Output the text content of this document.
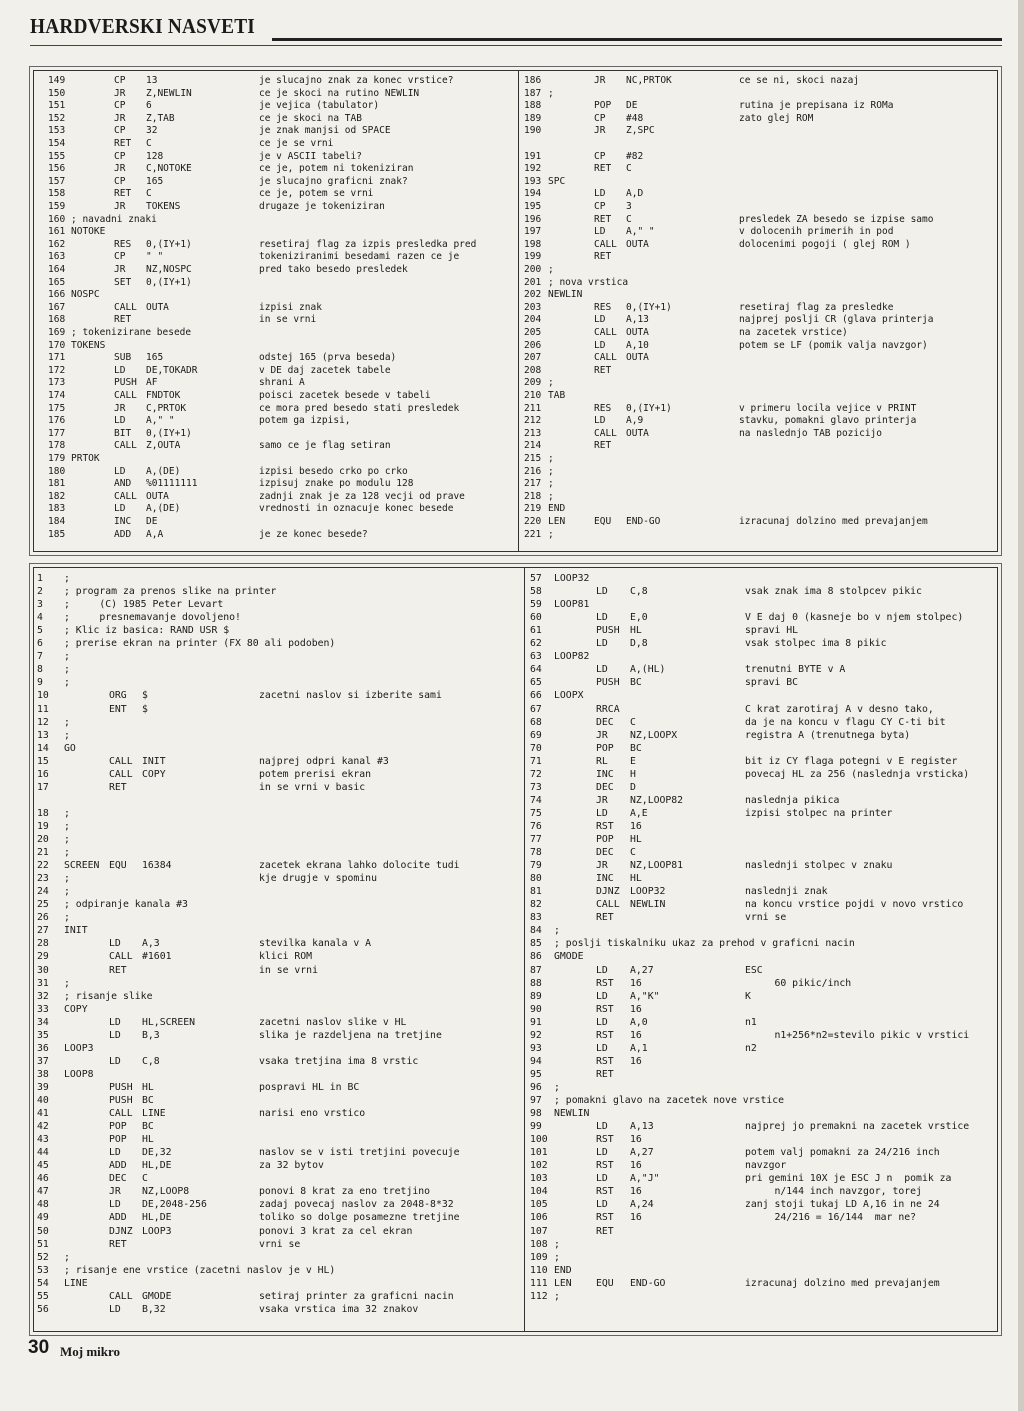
HARDVERSKI NASVETI
149	CP 13	je slucajno znak za konec vrstice?
150	JR Z,NEWLIN	ce je skoci na rutino NEWLIN
151	CP 6	je vejica (tabulator)
152	JR Z,TAB	ce je skoci na TAB
153	CP 32	je znak manjsi od SPACE
154	RET C	ce je se vrni
155	CP 128	je v ASCII tabeli?
156	JR C,NOTOKE	ce je, potem ni tokeniziran
157	CP 165	je slucajno graficni znak?
158	RET C	ce je, potem se vrni
159	JR TOKENS	drugaze je tokeniziran
160 ; navadni znaki
161 NOTOKE
162	RES 0,(IY+1)	resetiraj flag za izpis presledka pred
163	CP " "	tokeniziranimi besedami razen ce je
164	JR NZ,NOSPC	pred tako besedo presledek
165	SET 0,(IY+1)
166 NOSPC
167	CALL OUTA	izpisi znak
168	RET	in se vrni
169 ; tokenizirane besede
170 TOKENS
171	SUB 165	odstej 165 (prva beseda)
172	LD DE,TOKADR	v DE daj zacetek tabele
173	PUSH AF	shrani A
174	CALL FNDTOK	poisci zacetek besede v tabeli
175	JR C,PRTOK	ce mora pred besedo stati presledek
176	LD A," "	potem ga izpisi,
177	BIT 0,(IY+1)
178	CALL Z,OUTA	samo ce je flag setiran
179 PRTOK
180	LD A,(DE)	izpisi besedo crko po crko
181	AND %01111111	izpisuj znake po modulu 128
182	CALL OUTA	zadnji znak je za 128 vecji od prave
183	LD A,(DE)	vrednosti in oznacuje konec besede
184	INC DE
185	ADD A,A	je ze konec besede?
186	JR NC,PRTOK	ce se ni, skoci nazaj
187 ;
188	POP DE	rutina je prepisana iz ROMa
189	CP #48	zato glej ROM
190	JR Z,SPC
191	CP #82
192	RET C
193 SPC
194	LD A,D
195	CP 3
196	RET C	presledek ZA besedo se izpise samo
197	LD A," "	v dolocenih primerih in pod
198	CALL OUTA	dolocenimi pogoji ( glej ROM )
199	RET
200 ;
201 ; nova vrstica
202 NEWLIN
203	RES 0,(IY+1)	resetiraj flag za presledke
204	LD A,13	najprej poslji CR (glava printerja
205	CALL OUTA	na zacetek vrstice)
206	LD A,10	potem se LF (pomik valja navzgor)
207	CALL OUTA
208	RET
209 ;
210 TAB
211	RES 0,(IY+1)	v primeru locila vejice v PRINT
212	LD A,9	stavku, pomakni glavo printerja
213	CALL OUTA	na naslednjo TAB pozicijo
214	RET
215 ;
216 ;
217 ;
218 ;
219 END
220 LEN	EQU END-GO	izracunaj dolzino med prevajanjem
221 ;
1 ;
2 ; program za prenos slike na printer
3 ;     (C) 1985 Peter Levart
4 ;     presnemavanje dovoljeno!
5 ; Klic iz basica: RAND USR $
6 ; prerise ekran na printer (FX 80 ali podoben)
7 ;
8 ;
9 ;
10	ORG $	zacetni naslov si izberite sami
11	ENT $
12 ;
13 ;
14 GO
15	CALL INIT	najprej odpri kanal #3
16	CALL COPY	potem prerisi ekran
17	RET	in se vrni v basic
18 ;
19 ;
20 ;
21 ;
22 SCREEN EQU 16384	zacetek ekrana lahko dolocite tudi
23 ;	kje drugje v spominu
24 ;
25 ; odpiranje kanala #3
26 ;
27 INIT
28	LD A,3	stevilka kanala v A
29	CALL #1601	klici ROM
30	RET	in se vrni
31 ;
32 ; risanje slike
33 COPY
34	LD HL,SCREEN	zacetni naslov slike v HL
35	LD B,3	slika je razdeljena na tretjine
36 LOOP3
37	LD C,8	vsaka tretjina ima 8 vrstic
38 LOOP8
39	PUSH HL	pospravi HL in BC
40	PUSH BC
41	CALL LINE	narisi eno vrstico
42	POP BC
43	POP HL
44	LD DE,32	naslov se v isti tretjini povecuje
45	ADD HL,DE	za 32 bytov
46	DEC C
47	JR NZ,LOOP8	ponovi 8 krat za eno tretjino
48	LD DE,2048-256	zadaj povecaj naslov za 2048-8*32
49	ADD HL,DE	toliko so dolge posamezne tretjine
50	DJNZ LOOP3	ponovi 3 krat za cel ekran
51	RET	vrni se
52 ;
53 ; risanje ene vrstice (zacetni naslov je v HL)
54 LINE
55	CALL GMODE	setiraj printer za graficni nacin
56	LD B,32	vsaka vrstica ima 32 znakov
57 LOOP32
58	LD C,8	vsak znak ima 8 stolpcev pikic
59 LOOP81
60	LD E,0	V E daj 0 (kasneje bo v njem stolpec)
61	PUSH HL	spravi HL
62	LD D,8	vsak stolpec ima 8 pikic
63 LOOP82
64	LD A,(HL)	trenutni BYTE v A
65	PUSH BC	spravi BC
66 LOOPX
67	RRCA	C krat zarotiraj A v desno tako,
68	DEC C	da je na koncu v flagu CY C-ti bit
69	JR NZ,LOOPX	registra A (trenutnega byta)
70	POP BC
71	RL E	bit iz CY flaga potegni v E register
72	INC H	povecaj HL za 256 (naslednja vrsticka)
73	DEC D
74	JR NZ,LOOP82	naslednja pikica
75	LD A,E	izpisi stolpec na printer
76	RST 16
77	POP HL
78	DEC C
79	JR NZ,LOOP81	naslednji stolpec v znaku
80	INC HL
81	DJNZ LOOP32	naslednji znak
82	CALL NEWLIN	na koncu vrstice pojdi v novo vrstico
83	RET	vrni se
84 ;
85 ; poslji tiskalniku ukaz za prehod v graficni nacin
86 GMODE
87	LD A,27	ESC
88	RST 16	60 pikic/inch
89	LD A,"K"	K
90	RST 16
91	LD A,0	n1
92	RST 16	n1+256*n2=stevilo pikic v vrstici
93	LD A,1	n2
94	RST 16
95	RET
96 ;
97 ; pomakni glavo na zacetek nove vrstice
98 NEWLIN
99	LD A,13	najprej jo premakni na zacetek vrstice
100	RST 16
101	LD A,27	potem valj pomakni za 24/216 inch
102	RST 16	navzgor
103	LD A,"J"	pri gemini 10X je ESC J n  pomik za
104	RST 16	n/144 inch navzgor, torej
105	LD A,24	zanj stoji tukaj LD A,16 in ne 24
106	RST 16	24/216 = 16/144  mar ne?
107	RET
108 ;
109 ;
110 END
111 LEN EQU END-GO	izracunaj dolzino med prevajanjem
112 ;
30 Moj mikro
